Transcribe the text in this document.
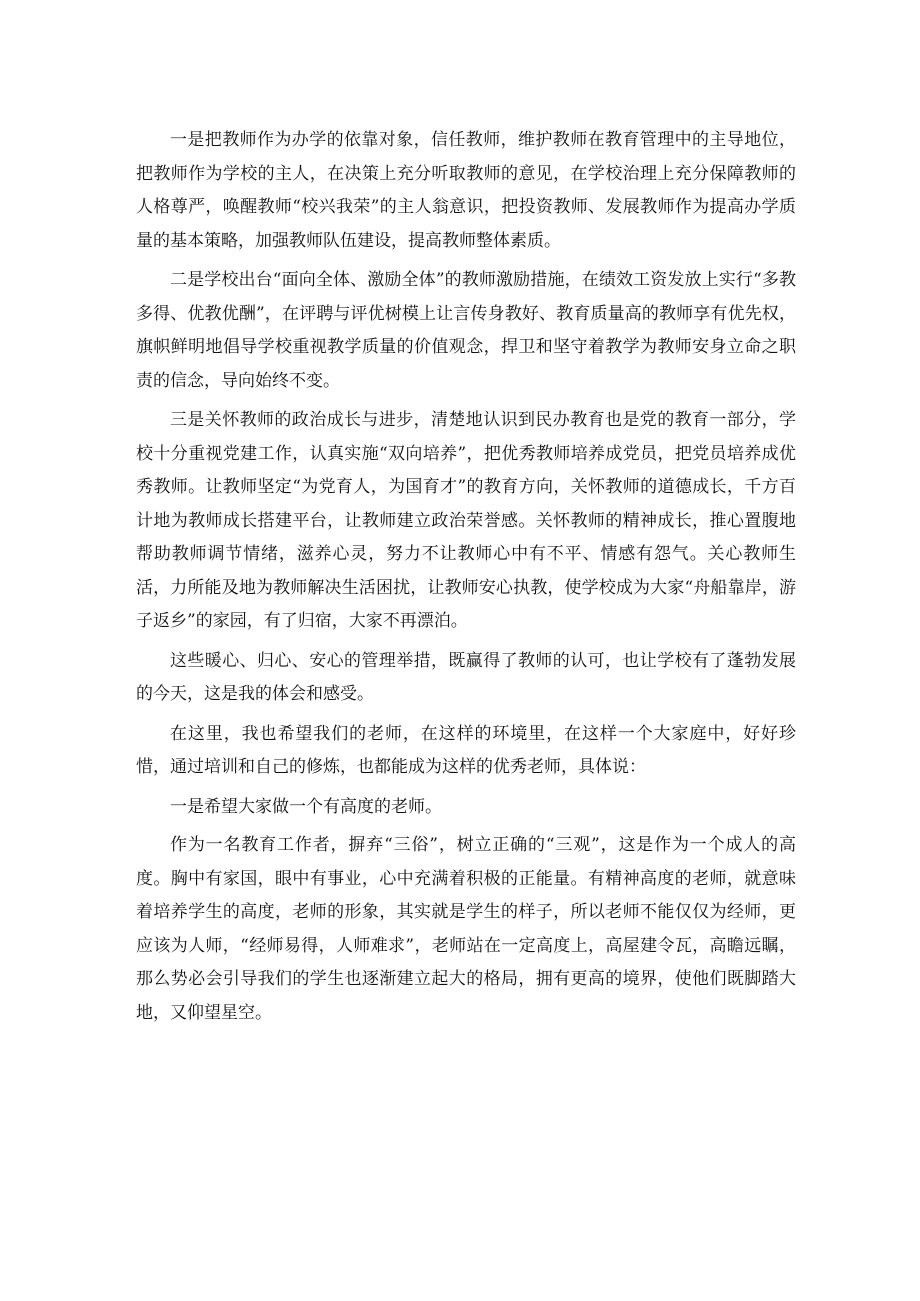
一是把教师作为办学的依靠对象，信任教师，维护教师在教育管理中的主导地位，把教师作为学校的主人，在决策上充分听取教师的意见，在学校治理上充分保障教师的人格尊严，唤醒教师“校兴我荣”的主人翁意识，把投资教师、发展教师作为提高办学质量的基本策略，加强教师队伍建设，提高教师整体素质。

二是学校出台“面向全体、激励全体”的教师激励措施，在绩效工资发放上实行“多教多得、优教优酬”，在评聘与评优树模上让言传身教好、教育质量高的教师享有优先权，旗帜鲜明地倡导学校重视教学质量的价值观念，捍卫和坚守着教学为教师安身立命之职责的信念，导向始终不变。

三是关怀教师的政治成长与进步，清楚地认识到民办教育也是党的教育一部分，学校十分重视党建工作，认真实施“双向培养”，把优秀教师培养成党员，把党员培养成优秀教师。让教师坚定“为党育人，为国育才”的教育方向，关怀教师的道德成长，千方百计地为教师成长搭建平台，让教师建立政治荣誉感。关怀教师的精神成长，推心置腹地帮助教师调节情绪，滋养心灵，努力不让教师心中有不平、情感有怨气。关心教师生活，力所能及地为教师解决生活困扰，让教师安心执教，使学校成为大家“舟船靠岸，游子返乡”的家园，有了归宿，大家不再漂泊。

这些暖心、归心、安心的管理举措，既赢得了教师的认可，也让学校有了蓬勃发展的今天，这是我的体会和感受。

在这里，我也希望我们的老师，在这样的环境里，在这样一个大家庭中，好好珍惜，通过培训和自己的修炼，也都能成为这样的优秀老师，具体说：

一是希望大家做一个有高度的老师。

作为一名教育工作者，摒弃“三俗”，树立正确的“三观”，这是作为一个成人的高度。胸中有家国，眼中有事业，心中充满着积极的正能量。有精神高度的老师，就意味着培养学生的高度，老师的形象，其实就是学生的样子，所以老师不能仅仅为经师，更应该为人师，“经师易得，人师难求”，老师站在一定高度上，高屋建令瓦，高瞻远瞩，那么势必会引导我们的学生也逐渐建立起大的格局，拥有更高的境界，使他们既脚踏大地，又仰望星空。
